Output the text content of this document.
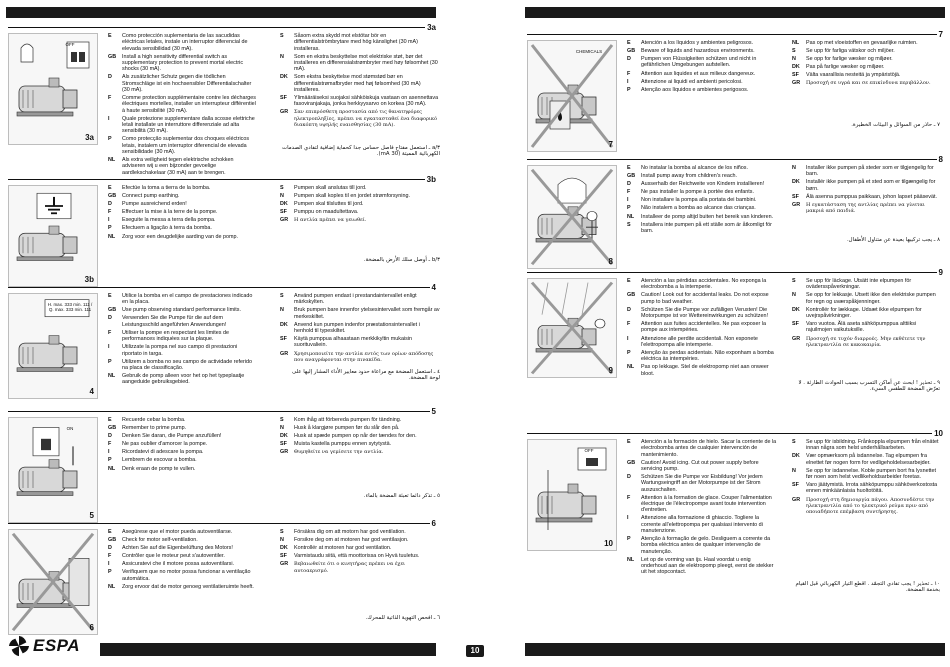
10
ESPA
3a
OFF
3a
E	Como protección suplementaria de las sacudidas eléctricas letales, instale un interruptor diferencial de elevada sensibilidad (30 mA).
GB	Install a high sensitivity differential switch as supplementary protection to prevent mortal electric shocks (30 mA).
D	Als zusätzlicher Schutz gegen die tödlichen Stromschläge ist ein hochsensibler Differentialschalter (30 mA).
F	Comme protection supplémentaire contre les décharges électriques mortelles, installer un interrupteur différentiel à haute sensibilité (30 mA).
I	Quale protezione supplementare dalla scosse elettriche letali installate un interruttore differenziale ad alta sensibilità (30 mA).
P	Como protecção suplementar dos choques eléctricos letais, instalem um interruptor diferencial de elevada sensibilidade (30 mA).
NL	Als extra veiligheid tegen elektrische schokken adviseren wij u een bijzonder gevoelige aardlekschakelaar (30 mA) aan te brengen.
S	Såsom extra skydd mot elstötar bör en differentialströmbrytare med hög känslighet (30 mA) installeras.
N	Som en ekstra beskyttelse mot elektriske støt, bør det installeres en differensialstrømbryter med høy følsomhet (30 mA).
DK	Som ekstra beskyttelse mod stømstød bør en differentialstrømafbryder med høj følsomhed (30 mA) installeres.
SF	Ylimääräiseksi suojaksi sähköiskuja vastaan on asennettava fasoviranjakaja, jonka herkkyysarvo on korkea (30 mA).
GR	Σαν επιπρόσθετη προστασία από τις θανατηφόρες ηλεκτροπληξίες, πρέπει να εγκατασταθεί ένα διαφορικό διακόπτη υψηλής ευαισθησίας (30 mA).
٣/a ـ استعمل مفتاح فاصل حساس جدا كحماية إضافية لتفادي الصدمات الكهربائية المميتة (30 mA).
3b
3b
E	Efectúe la toma a tierra de la bomba.
GB	Connect pump earthing.
D	Pumpe ausreichend erden!
F	Effectuer la mise à la terre de la pompe.
I	Eseguite la messa a terra della pompa.
P	Efectuem a ligação à terra da bomba.
NL	Zorg voor een deugdelijke aarding van de pomp.
S	Pumpen skall anslutas till jord.
N	Pumpen skall koples til en jordet strømforsyning.
DK	Pumpen skal tilsluttes til jord.
SF	Pumppu on maadultettava.
GR	Η αντλία πρέπει να γειωθεί.
٣/b ـ أوصل سلك الأرض بالمضخة.
4
H. max. 333 min. 111 / Q. max. 333 min. 111
4
E	Utilice la bomba en el campo de prestaciones indicado en la placa.
GB	Use pump observing standard performance limits.
D	Verwenden Sie die Pumpe für die auf dem Leistungsschild angeführten Anwendungen!
F	Utiliser la pompe en respectant les limites de performances indiquées sur la plaque.
I	Utilizzate la pompa nel suo campo di prestazioni riportato in targa.
P	Utilizem a bomba no seu campo de actividade referido na placa de classificação.
NL	Gebruik de pomp alleen voor het op het typeplaatje aangeduide gebruiksgebied.
S	Använd pumpen endast i prestandaintervallet enligt märkskylten.
N	Bruk pumpen bare innenfor ytelsesintervallet som fremgår av merkeskiltet.
DK	Anvend kun pumpen indenfor præstationsintervallet i henhold til typeskiltet.
SF	Käytä pumppua alhaastaan merkkikyltin mukaisin suorituvaliein.
GR	Χρησιμοποιείτε την αντλία εντός των ορίων απόδοσης που αναγράφονται στην πινακίδα.
٤ ـ استعمل المضخة مع مراعاة حدود معايير الأداء المشار إليها على لوحة المضخة.
5
ON
5
E	Recuerde cebar la bomba.
GB	Remember to prime pump.
D	Denken Sie daran, die Pumpe anzufüllen!
F	Ne pas oublier d'amorcer la pompe.
I	Ricordatevi di adescare la pompa.
P	Lembrem de escovar a bomba.
NL	Denk eraan de pomp te vullen.
S	Kom ihåg att förbereda pumpen för tändning.
N	Husk å klargjøre pumpen før du slår den på.
DK	Husk at spæde pumpen op når der tændes for den.
SF	Muista kastella pumppu ennen sytytystä.
GR	Θυμηθείτε να γεμίσετε την αντλία.
٥ ـ تذكر دائما تعبئة المضخة بالماء.
6
6
E	Asegúrese que el motor pueda autoventilarse.
GB	Check for motor self-ventilation.
D	Achten Sie auf die Eigenbelüftung des Motors!
F	Contrôler que le moteur peut s'autoventiler.
I	Assicuratevi che il motore possa autoventilarsi.
P	Verifiquem que no motor possa funcionar a ventilação automática.
NL	Zorg ervoor dat de motor genoeg ventilatieruimte heeft.
S	Försäkra dig om att motorn har god ventilation.
N	Forsikre deg om at motoren har god ventilasjon.
DK	Kontrollér at motoren har god ventilation.
SF	Varmistaudu siitä, että moottorissa on Hyvä tuuletus.
GR	Βεβαιωθείτε ότι ο κινητήρας πρέπει να έχει αυτοαερισμό.
٦ ـ افحص التهوية الذاتية للمحرك.
7
CHEMICALS
7
E	Atención a los líquidos y ambientes peligrosos.
GB	Beware of liquids and hazardous environments.
D	Pumpen von Flüssigkeiten schützen und nicht in gefährlichen Umgebungen aufstellen.
F	Attention aux liquides et aux milieux dangereux.
I	Attenzione ai liquidi ed ambienti pericolosi.
P	Atenção aos líquidos e ambientes perigosos.
NL	Pas op met vloeistoffen en gevaarlijke ruimten.
S	Se upp för farliga vätskor och miljöer.
N	Se opp for farlige væsker og miljøer.
DK	Pas på farlige væsker og miljøer.
SF	Välta vaarallisia nesteitä ja ympäristöjä.
GR	Προσοχή σε υγρά και σε επικίνδυνα περιβάλλον.
٧ ـ حاذر من السوائل و البيئات الخطيرة.
8
8
E	No instalar la bomba al alcance de los niños.
GB	Install pump away from children's reach.
D	Ausserhalb der Reichweite von Kindern installieren!
F	Ne pas installer la pompe à portée des enfants.
I	Non installare la pompa alla portata dei bambini.
P	Não instalem a bomba ao alcance das crianças.
NL	Installeer de pomp altijd buiten het bereik van kinderen.
S	Installera inte pumpen på ett ställe som är åtkomligt för barn.
N	Installer ikke pumpen på steder som er tilgjengelig for barn.
DK	Installér ikke pumpen på et sted som er tilgængelig for børn.
SF	Älä asenna pumppua paikkaan, johon lapset pääsevät.
GR	Η εγκατάσταση της αντλίας πρέπει να γίνεται μακριά από παιδιά.
٨ ـ يجب تركيبها بعيدة عن متناول الأطفال.
9
9
E	Atención a las pérdidas accidentales. No exponga la electrobomba a la intemperie.
GB	Caution! Look out for accidental leaks. Do not expose pump to bad weather.
D	Schützen Sie die Pumpe vor zufälligen Verusten! Die Motorpumpe ist vor Wettereinwirkungen zu schützen!
F	Attention aux fuites accidentelles. Ne pas exposer la pompe aux intempéries.
I	Attenzione alle perdite accidentali. Non esponete l'elettropompa alle intemperie.
P	Atenção às perdas acidentais. Não exponham a bomba eléctrica às intempéries.
NL	Pas op lekkage. Stel de elektropomp niet aan onweer bloot.
S	Se upp för läckage. Utsätt inte elpumpen för ovädersspåverkningar.
N	Se opp for lekkasje. Utsett ikke den elektriske pumpen for regn og uværspåkjenninger.
DK	Kontrollér for lækkage. Udsæt ikke elpumpen for uvejrspåvirkninger.
SF	Varo vuotoa. Älä aseta sähköpumppua alttiiksi rajuilmojen vaikutuksille.
GR	Προσοχή σε τυχόν διαρροές. Μην εκθέτετε την ηλεκτραντλία σε κακοκαιρία.
٩ ـ تحذير ! ابحث عن أماكن التسرب بسبب الحوادث الطارئة . لا تعرّض المضخة للطقس السيء.
10
OFF
10
E	Atención a la formación de hielo. Sacar la corriente de la electrobomba antes de cualquier intervención de mantenimiento.
GB	Caution! Avoid icing. Cut out power supply before servicing pump.
D	Schützen Sie die Pumpe vor Eisbildung! Vor jedem Wartungseingriff an der Motorpumpe ist der Strom auszuschalten.
F	Attention à la formation de glace. Couper l'alimentation électrique de l'électropompe avant toute intervention d'entretien.
I	Attenzione alla formazione di ghiaccio. Togliere la corrente all'elettropompa per qualsiasi intervento di manutenzione.
P	Atenção à formação de gelo. Desliguem a corrente da bomba eléctrica antes de qualquer intervenção de manutenção.
NL	Let op de vorming van ijs. Haal voordat u enig onderhoud aan de elektropomp pleegt, eerst de stekker uit het stopcontact.
S	Se upp för isbildning. Frånkoppla elpumpen från elnätet innan några som helst underhållsarbeten.
DK	Vær opmærksom på isdannelse. Tag elpumpen fra elnettet før nogen form for vedligeholdelsesarbejder.
N	Se opp for isdannelse. Koble pumpen bort fra lysnettet før noen som helst vedlikeholdsarbeider foretas.
SF	Varo jäätymistä. Irrota sähköpumppu sähköverkostosta ennen minkäänlaisia huoltotöitä.
GR	Προσοχή στη δημιουργία πάγου. Αποσυνδέστε την ηλεκτραντλία από το ηλεκτρικό ρεύμα πριν από οποιαδήποτε επέμβαση συντήρησης.
١٠ ـ تحذير ! يجب تفادي التجمّد . اقطع التيار الكهربائي قبل القيام بخدمة المضخة.
